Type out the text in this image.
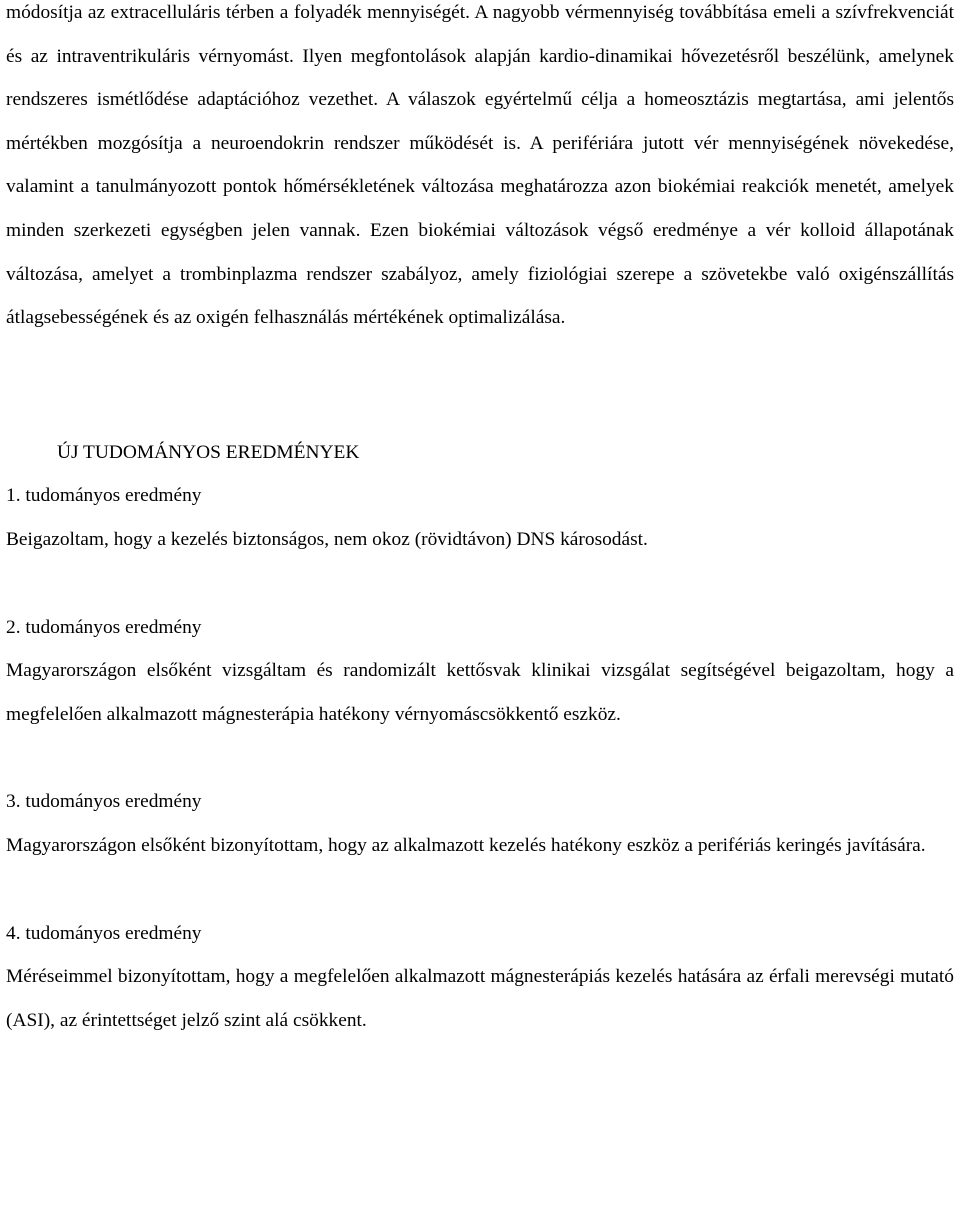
módosítja az extracelluláris térben a folyadék mennyiségét. A nagyobb vérmennyiség továbbítása emeli a szívfrekvenciát és az intraventrikuláris vérnyomást. Ilyen megfontolások alapján kardio-dinamikai hővezetésről beszélünk, amelynek rendszeres ismétlődése adaptációhoz vezethet. A válaszok egyértelmű célja a homeosztázis megtartása, ami jelentős mértékben mozgósítja a neuroendokrin rendszer működését is. A perifériára jutott vér mennyiségének növekedése, valamint a tanulmányozott pontok hőmérsékletének változása meghatározza azon biokémiai reakciók menetét, amelyek minden szerkezeti egységben jelen vannak. Ezen biokémiai változások végső eredménye a vér kolloid állapotának változása, amelyet a trombinplazma rendszer szabályoz, amely fiziológiai szerepe a szövetekbe való oxigénszállítás átlagsebességének és az oxigén felhasználás mértékének optimalizálása.

ÚJ TUDOMÁNYOS EREDMÉNYEK

1. tudományos eredmény

Beigazoltam, hogy a kezelés biztonságos, nem okoz (rövidtávon) DNS károsodást.

2. tudományos eredmény

Magyarországon elsőként vizsgáltam és randomizált kettősvak klinikai vizsgálat segítségével beigazoltam, hogy a megfelelően alkalmazott mágnesterápia hatékony vérnyomáscsökkentő eszköz.

3. tudományos eredmény

Magyarországon elsőként bizonyítottam, hogy az alkalmazott kezelés hatékony eszköz a perifériás keringés javítására.

4. tudományos eredmény

Méréseimmel bizonyítottam, hogy a megfelelően alkalmazott mágnesterápiás kezelés hatására az érfali merevségi mutató (ASI), az érintettséget jelző szint alá csökkent.
